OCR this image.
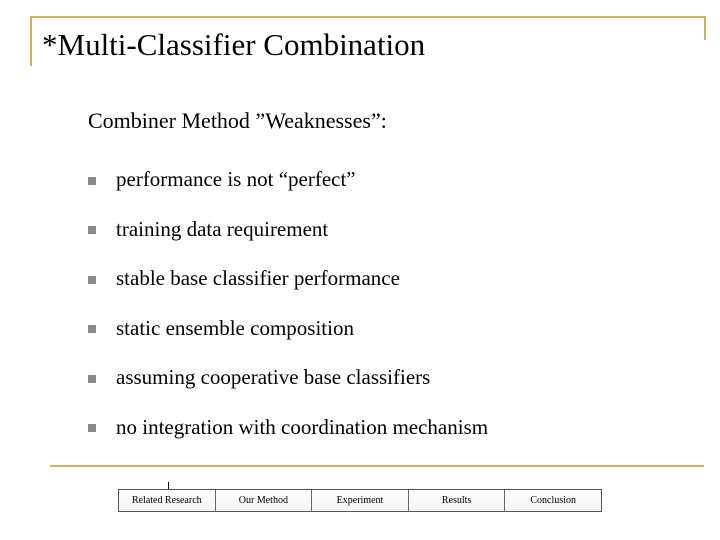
*Multi-Classifier Combination
Combiner Method ”Weaknesses”:
performance is not “perfect”
training data requirement
stable base classifier performance
static ensemble composition
assuming cooperative base classifiers
no integration with coordination mechanism
Related Research	Our Method	Experiment	Results	Conclusion
